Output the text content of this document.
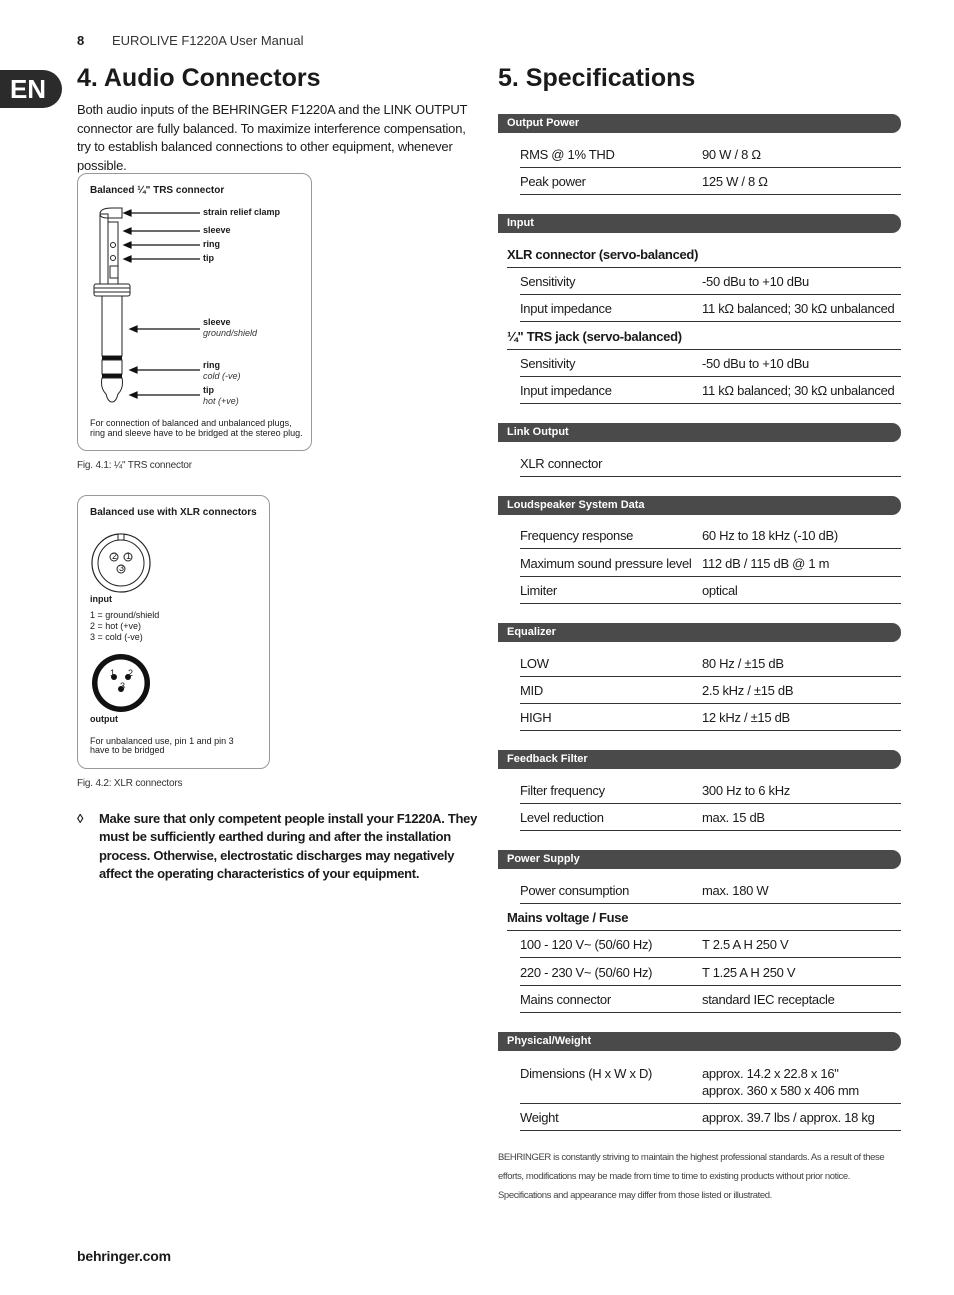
8 EUROLIVE F1220A User Manual
EN	4. Audio Connectors
Both audio inputs of the BEHRINGER F1220A and the LINK OUTPUT connector are fully balanced. To maximize interference compensation, try to establish balanced connections to other equipment, whenever possible.
Balanced ¼" TRS connector
strain relief clamp
sleeve
ring
tip
sleeve
ground/shield
ring
cold (-ve)
tip
hot (+ve)
For connection of balanced and unbalanced plugs,
ring and sleeve have to be bridged at the stereo plug.
Fig. 4.1: ¼" TRS connector
Balanced use with XLR connectors
2 1
3
input
1 = ground/shield
2 = hot (+ve)
3 = cold (-ve)
1 2
3
output
For unbalanced use, pin 1 and pin 3
have to be bridged
Fig. 4.2: XLR connectors
◊ Make sure that only competent people install your F1220A. They must be sufficiently earthed during and after the installation process. Otherwise, electrostatic discharges may negatively affect the operating characteristics of your equipment.
5. Specifications
Output Power
RMS @ 1% THD	90 W / 8 Ω
Peak power	125 W / 8 Ω
Input
XLR connector (servo-balanced)
Sensitivity	-50 dBu to +10 dBu
Input impedance	11 kΩ balanced; 30 kΩ unbalanced
¼" TRS jack (servo-balanced)
Sensitivity	-50 dBu to +10 dBu
Input impedance	11 kΩ balanced; 30 kΩ unbalanced
Link Output
XLR connector
Loudspeaker System Data
Frequency response	60 Hz to 18 kHz (-10 dB)
Maximum sound pressure level 112 dB / 115 dB @ 1 m
Limiter	optical
Equalizer
LOW	80 Hz / ±15 dB
MID	2.5 kHz / ±15 dB
HIGH	12 kHz / ±15 dB
Feedback Filter
Filter frequency	300 Hz to 6 kHz
Level reduction	max. 15 dB
Power Supply
Power consumption	max. 180 W
Mains voltage / Fuse
100 - 120 V~ (50/60 Hz)	T 2.5 A H 250 V
220 - 230 V~ (50/60 Hz)	T 1.25 A H 250 V
Mains connector	standard IEC receptacle
Physical/Weight
Dimensions (H x W x D)	approx. 14.2 x 22.8 x 16"
approx. 360 x 580 x 406 mm
Weight	approx. 39.7 lbs / approx. 18 kg
BEHRINGER is constantly striving to maintain the highest professional standards. As a result of these efforts, modifications may be made from time to time to existing products without prior notice. Specifications and appearance may differ from those listed or illustrated.
behringer.com
